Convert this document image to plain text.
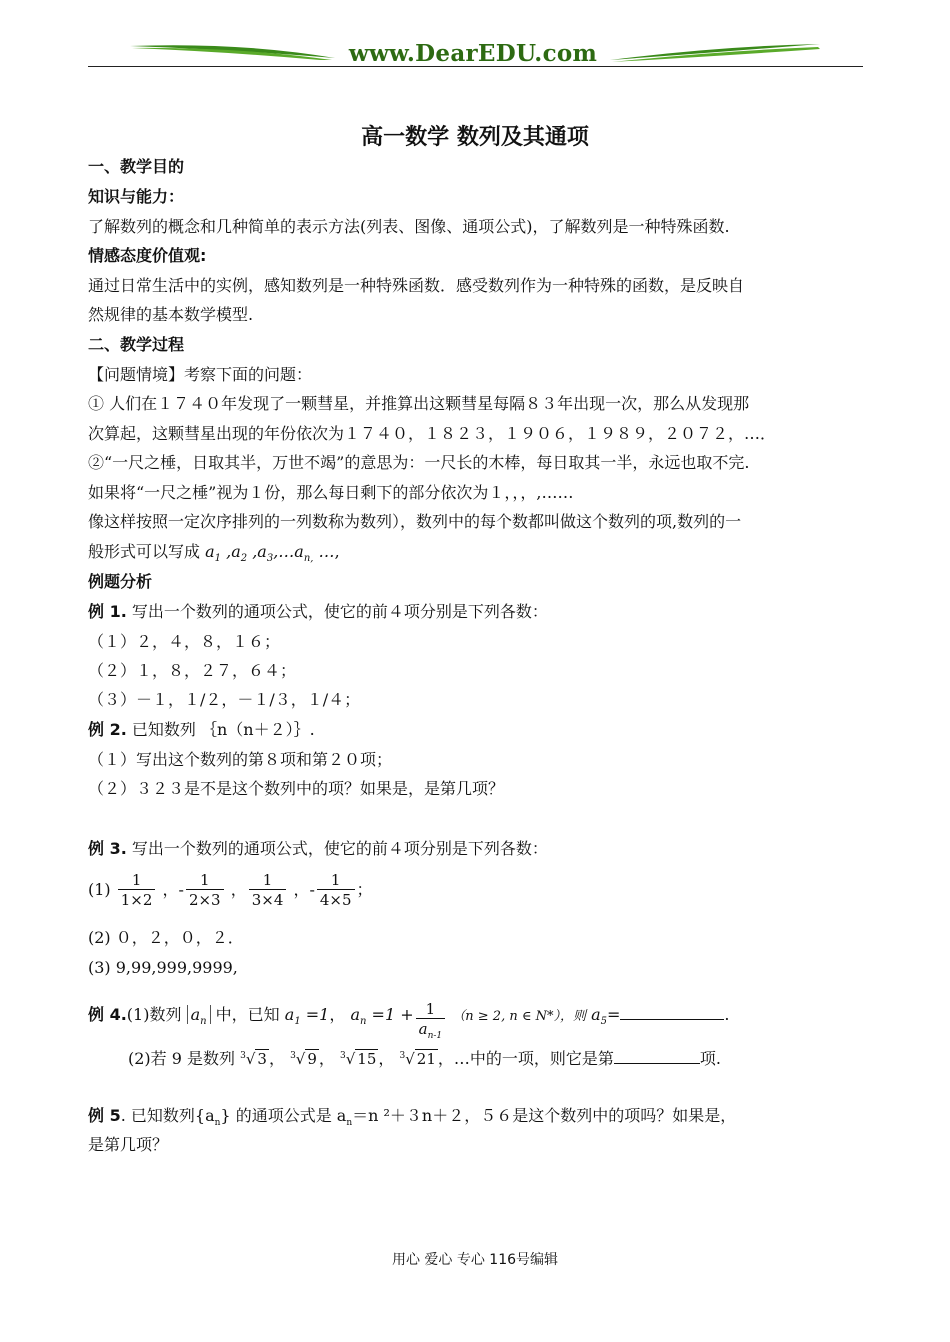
www.DearEDU.com
高一数学 数列及其通项
一、教学目的
知识与能力：
了解数列的概念和几种简单的表示方法(列表、图像、通项公式)，了解数列是一种特殊函数.
情感态度价值观:
通过日常生活中的实例，感知数列是一种特殊函数．感受数列作为一种特殊的函数，是反映自
然规律的基本数学模型.
二、教学过程
【问题情境】考察下面的问题：
① 人们在１７４０年发现了一颗彗星，并推算出这颗彗星每隔８３年出现一次，那么从发现那
次算起，这颗彗星出现的年份依次为１７４０，１８２３，１９０６，１９８９，２０７２，…．
②“一尺之棰，日取其半，万世不竭”的意思为：一尺长的木棒，每日取其一半，永远也取不完.
如果将“一尺之棰”视为１份，那么每日剩下的部分依次为１，，，,……
像这样按照一定次序排列的一列数称为数列），数列中的每个数都叫做这个数列的项,数列的一
般形式可以写成 $a_1$ $,a_2$ $,a_3,\dots a_{n,}$ …,
例题分析
例 1. 写出一个数列的通项公式，使它的前４项分别是下列各数：
（１）２，４，８，１６；
（２）１，８，２７，６４；
（３）－１，１/２，－１/３，１/４；
例 2. 已知数列 ｛n（n＋２）｝.
（１）写出这个数列的第８项和第２０项；
（２）３２３是不是这个数列中的项？如果是，是第几项？
例 3. 写出一个数列的通项公式，使它的前４项分别是下列各数：
$(1) \frac{1}{1\times 2}$ ，- $\frac{1}{2\times 3}$ ， $\frac{1}{3\times 4}$ ，- $\frac{1}{4\times 5}$ ；
(2) ０，２，０，２．
(3) 9,99,999,9999,
例 4.(1)数列 $a_n$ 中，已知 $a_1 =1$， $a_n =1 + \frac{1}{a_{n-1}} (n \ge 2$, n ∈ N*），则 $a_5=$	.
(2)若 9 是数列 $^3$√ 3 ， $^3$√ 9 ， $^3$√ 15 ， $^3$√ 21 ，…中的一项，则它是第	项.
例 5. 已知数列$\{a_n\}$ 的通项公式是 $a_n=n$ ²＋３n＋２，５６是这个数列中的项吗？如果是，
是第几项？
用心 爱心 专心 116号编辑
